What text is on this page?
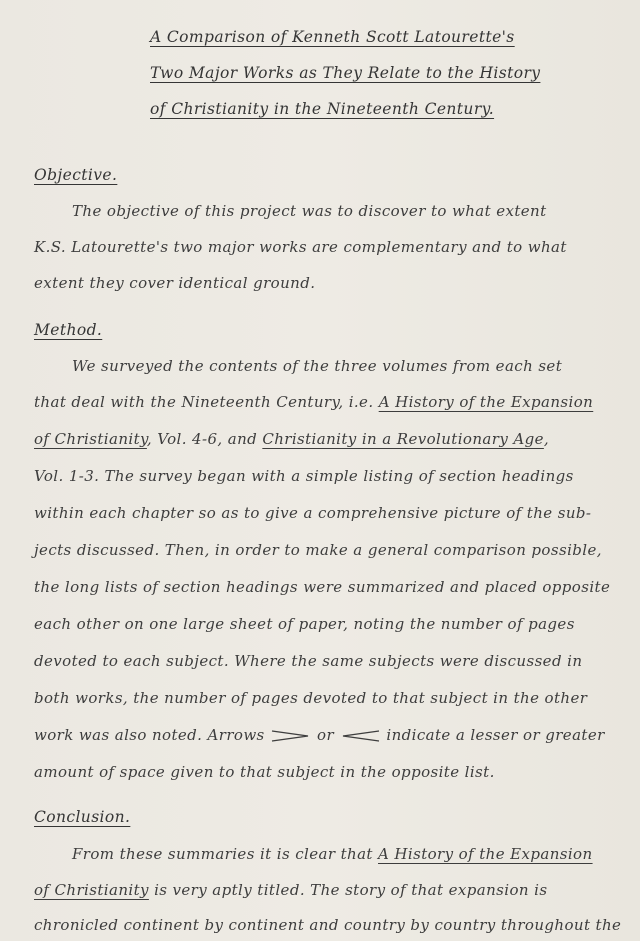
A Comparison of Kenneth Scott Latourette's
Two Major Works as They Relate to the History
of Christianity in the Nineteenth Century.
Objective.
The objective of this project was to discover to what extent
K.S. Latourette's two major works are complementary and to what
extent they cover identical ground.
Method.
We surveyed the contents of the three volumes from each set
that deal with the Nineteenth Century, i.e. A History of the Expansion
of Christianity, Vol. 4-6, and Christianity in a Revolutionary Age,
Vol. 1-3. The survey began with a simple listing of section headings
within each chapter so as to give a comprehensive picture of the sub-
jects discussed. Then, in order to make a general comparison possible,
the long lists of section headings were summarized and placed opposite
each other on one large sheet of paper, noting the number of pages
devoted to each subject. Where the same subjects were discussed in
both works, the number of pages devoted to that subject in the other
work was also noted. Arrows	or	indicate a lesser or greater
amount of space given to that subject in the opposite list.
Conclusion.
From these summaries it is clear that A History of the Expansion
of Christianity is very aptly titled. The story of that expansion is
chronicled continent by continent and country by country throughout the
